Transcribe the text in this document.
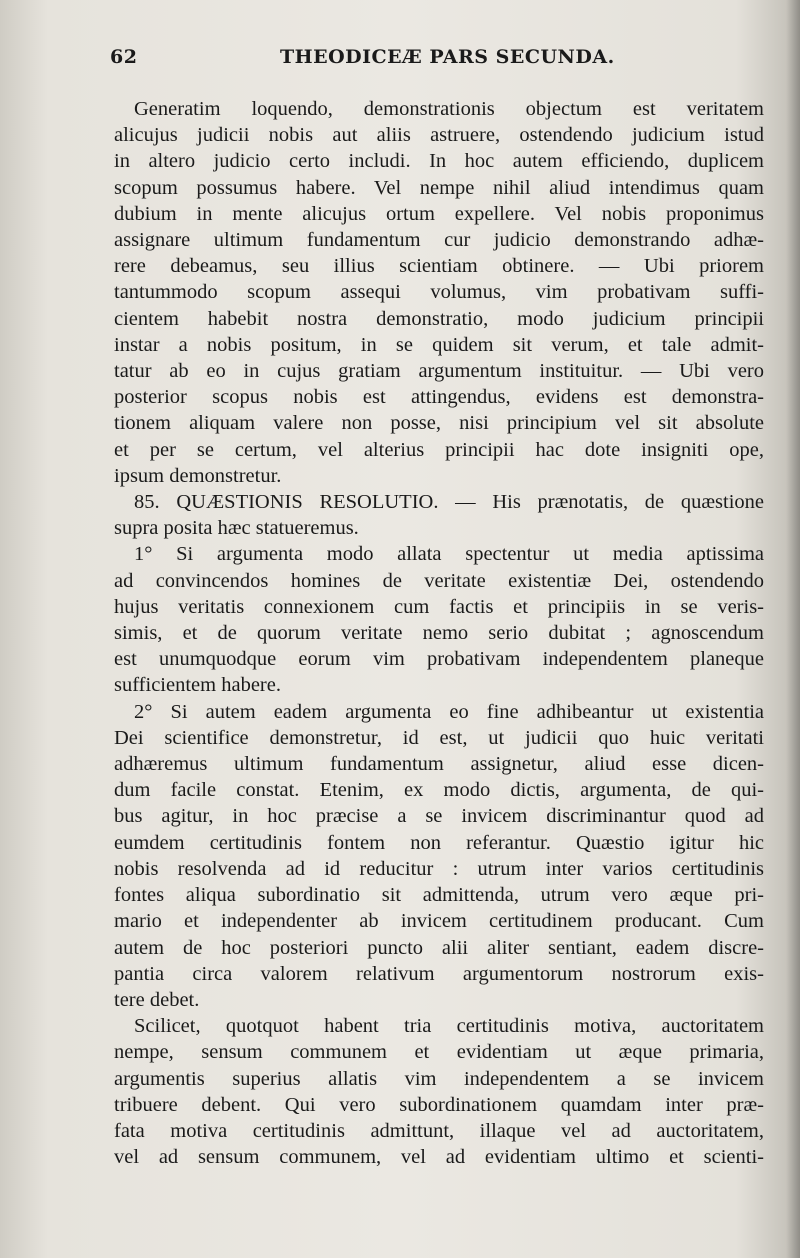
62	THEODICEÆ PARS SECUNDA.
Generatim loquendo, demonstrationis objectum est veritatem
alicujus judicii nobis aut aliis astruere, ostendendo judicium istud
in altero judicio certo includi. In hoc autem efficiendo, duplicem
scopum possumus habere. Vel nempe nihil aliud intendimus quam
dubium in mente alicujus ortum expellere. Vel nobis proponimus
assignare ultimum fundamentum cur judicio demonstrando adhæ-
rere debeamus, seu illius scientiam obtinere. — Ubi priorem
tantummodo scopum assequi volumus, vim probativam suffi-
cientem habebit nostra demonstratio, modo judicium principii
instar a nobis positum, in se quidem sit verum, et tale admit-
tatur ab eo in cujus gratiam argumentum instituitur. — Ubi vero
posterior scopus nobis est attingendus, evidens est demonstra-
tionem aliquam valere non posse, nisi principium vel sit absolute
et per se certum, vel alterius principii hac dote insigniti ope,
ipsum demonstretur.
85. QUÆSTIONIS RESOLUTIO. — His prænotatis, de quæstione
supra posita hæc statueremus.
1° Si argumenta modo allata spectentur ut media aptissima
ad convincendos homines de veritate existentiæ Dei, ostendendo
hujus veritatis connexionem cum factis et principiis in se veris-
simis, et de quorum veritate nemo serio dubitat ; agnoscendum
est unumquodque eorum vim probativam independentem planeque
sufficientem habere.
2° Si autem eadem argumenta eo fine adhibeantur ut existentia
Dei scientifice demonstretur, id est, ut judicii quo huic veritati
adhæremus ultimum fundamentum assignetur, aliud esse dicen-
dum facile constat. Etenim, ex modo dictis, argumenta, de qui-
bus agitur, in hoc præcise a se invicem discriminantur quod ad
eumdem certitudinis fontem non referantur. Quæstio igitur hic
nobis resolvenda ad id reducitur : utrum inter varios certitudinis
fontes aliqua subordinatio sit admittenda, utrum vero æque pri-
mario et independenter ab invicem certitudinem producant. Cum
autem de hoc posteriori puncto alii aliter sentiant, eadem discre-
pantia circa valorem relativum argumentorum nostrorum exis-
tere debet.
Scilicet, quotquot habent tria certitudinis motiva, auctoritatem
nempe, sensum communem et evidentiam ut æque primaria,
argumentis superius allatis vim independentem a se invicem
tribuere debent. Qui vero subordinationem quamdam inter præ-
fata motiva certitudinis admittunt, illaque vel ad auctoritatem,
vel ad sensum communem, vel ad evidentiam ultimo et scienti-
